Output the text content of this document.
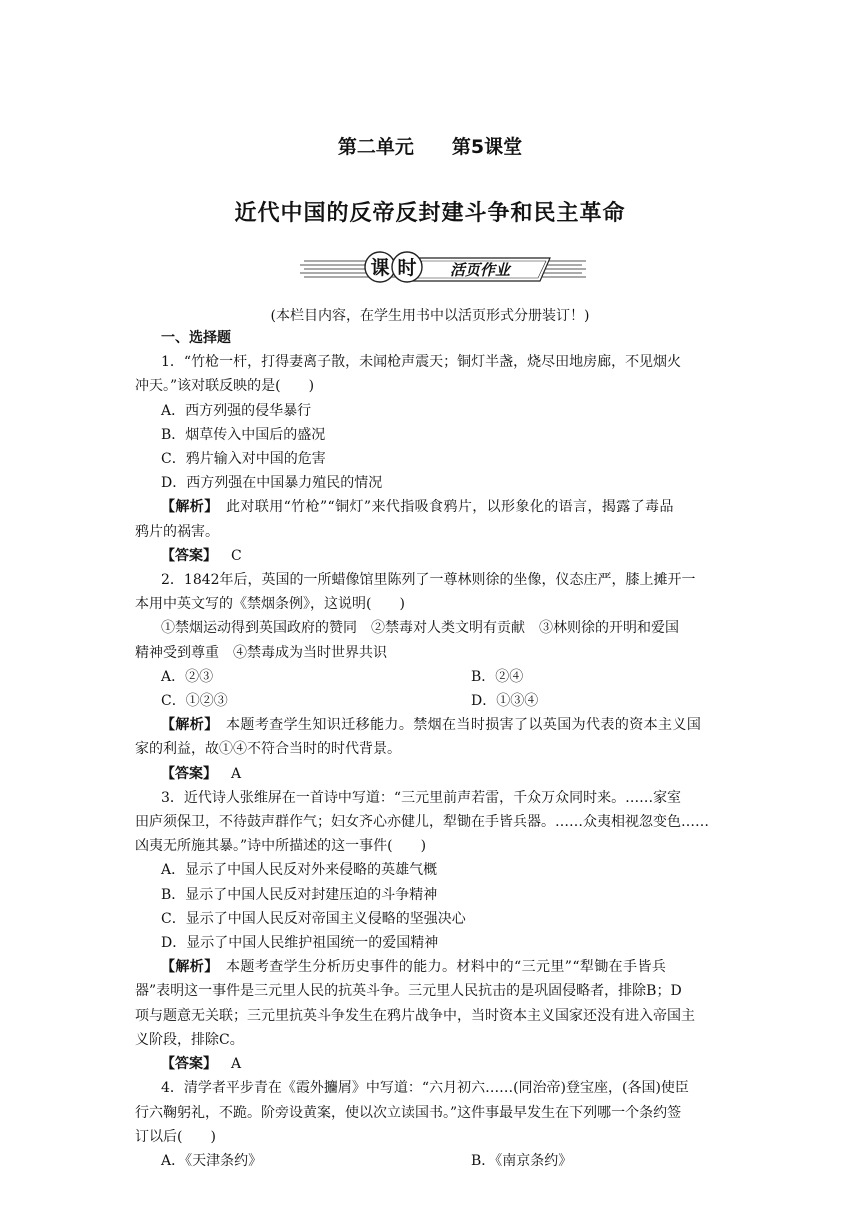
第二单元 第5课堂
近代中国的反帝反封建斗争和民主革命
课 时 活页作业
(本栏目内容，在学生用书中以活页形式分册装订！)

一、选择题

1．“竹枪一杆，打得妻离子散，未闻枪声震天；铜灯半盏，烧尽田地房廊，不见烟火

冲天。”该对联反映的是(　　)

A．西方列强的侵华暴行

B．烟草传入中国后的盛况

C．鸦片输入对中国的危害

D．西方列强在中国暴力殖民的情况

【解析】　 此对联用“竹枪”“铜灯”来代指吸食鸦片，以形象化的语言，揭露了毒品

鸦片的祸害。

【答案】 C

2．1842年后，英国的一所蜡像馆里陈列了一尊林则徐的坐像，仪态庄严，膝上摊开一

本用中英文写的《禁烟条例》，这说明(　　)

①禁烟运动得到英国政府的赞同　②禁毒对人类文明有贡献　③林则徐的开明和爱国

精神受到尊重　④禁毒成为当时世界共识

A．②③	B．②④

C．①②③	D．①③④

【解析】　 本题考查学生知识迁移能力。禁烟在当时损害了以英国为代表的资本主义国

家的利益，故①④不符合当时的时代背景。

【答案】 A

3．近代诗人张维屏在一首诗中写道：“三元里前声若雷，千众万众同时来。……家室

田庐须保卫，不待鼓声群作气；妇女齐心亦健儿，犁锄在手皆兵器。……众夷相视忽变色……

凶夷无所施其暴。”诗中所描述的这一事件(　　)

A．显示了中国人民反对外来侵略的英雄气概

B．显示了中国人民反对封建压迫的斗争精神

C．显示了中国人民反对帝国主义侵略的坚强决心

D．显示了中国人民维护祖国统一的爱国精神

【解析】　 本题考查学生分析历史事件的能力。材料中的“三元里”“犁锄在手皆兵

器”表明这一事件是三元里人民的抗英斗争。三元里人民抗击的是巩固侵略者，排除B；D

项与题意无关联；三元里抗英斗争发生在鸦片战争中，当时资本主义国家还没有进入帝国主

义阶段，排除C。

【答案】 A

4．清学者平步青在《霞外攟屑》中写道：“六月初六……(同治帝)登宝座，(各国)使臣

行六鞠躬礼，不跪。阶旁设黄案，使以次立读国书。”这件事最早发生在下列哪一个条约签

订以后(　　)

A．《天津条约》	B．《南京条约》
